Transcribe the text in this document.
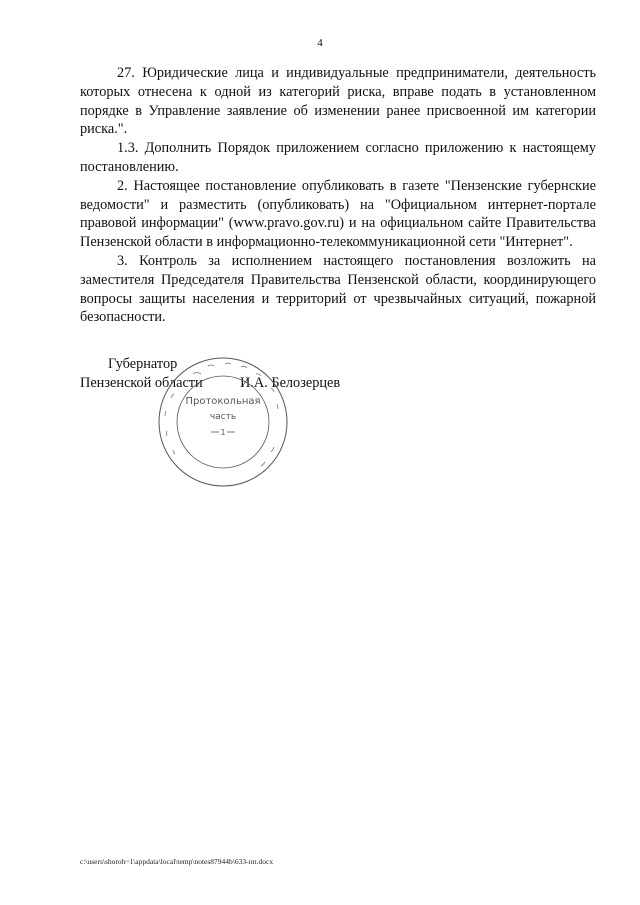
4

27. Юридические лица и индивидуальные предприниматели, деятельность которых отнесена к одной из категорий риска, вправе подать в установленном порядке в Управление заявление об изменении ранее присвоенной им категории риска.".

1.3. Дополнить Порядок приложением согласно приложению к настоящему постановлению.

2. Настоящее постановление опубликовать в газете "Пензенские губернские ведомости" и разместить (опубликовать) на "Официальном интернет-портале правовой информации" (www.pravo.gov.ru) и на официальном сайте Правительства Пензенской области в информационно-телекоммуникационной сети "Интернет".

3. Контроль за исполнением настоящего постановления возложить на заместителя Председателя Правительства Пензенской области, координирующего вопросы защиты населения и территорий от чрезвычайных ситуаций, пожарной безопасности.

Губернатор
Пензенской области	И.А. Белозерцев
Протокольная
часть
1
c:\users\shoroh~1\appdata\local\temp\notes87944b\633-пп.docx
